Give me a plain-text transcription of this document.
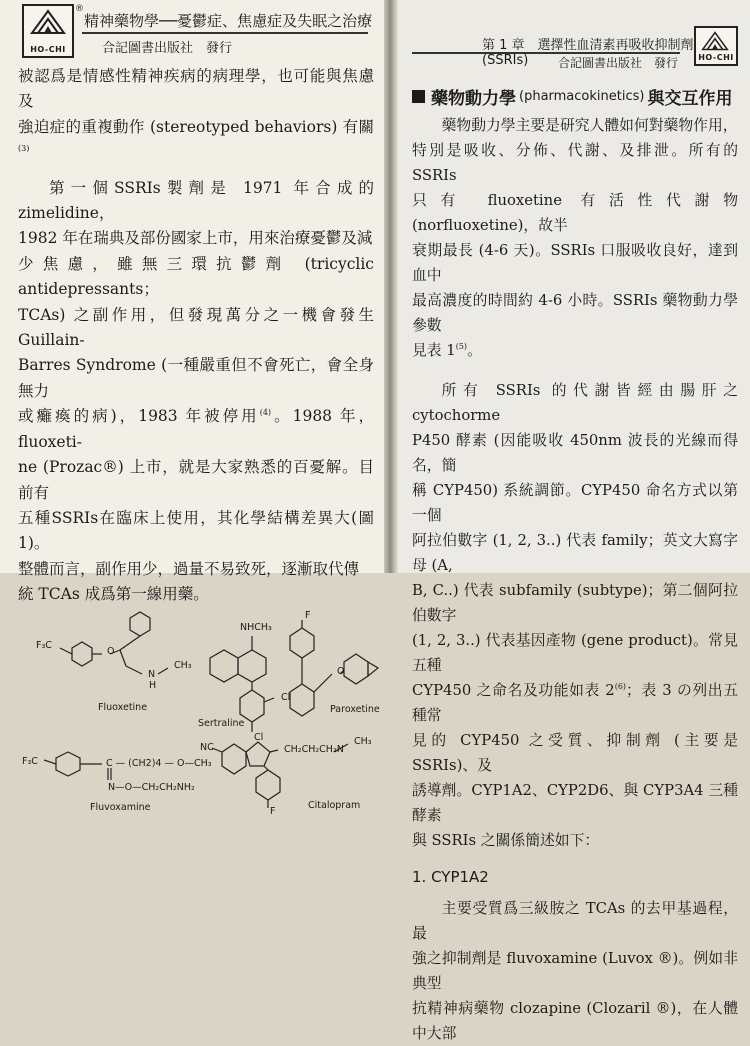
HO-CHI
®
精神藥物學──憂鬱症、焦慮症及失眠之治療
合記圖書出版社　發行

被認爲是情感性精神疾病的病理學，也可能與焦慮及
強迫症的重複動作 (stereotyped behaviors) 有關$^{(3)}$

第一個SSRIs製劑是 1971 年合成的 zimelidine，
1982 年在瑞典及部份國家上市，用來治療憂鬱及減
少焦慮，雖無三環抗鬱劑 (tricyclic antidepressants；
TCAs) 之副作用，但發現萬分之一機會發生 Guillain-
Barres Syndrome (一種嚴重但不會死亡，會全身無力
或癱瘓的病)，1983 年被停用$^{(4)}$。1988 年，fluoxeti-
ne (Prozac®) 上市，就是大家熟悉的百憂解。目前有
五種SSRIs在臨床上使用，其化學結構差異大(圖 1)。
整體而言，副作用少，過量不易致死，逐漸取代傳
統 TCAs 成爲第一線用藥。

F₃C
O
N
H
CH₃
Fluoxetine
NHCH₃
Cl
Cl
Sertraline
F
O
Paroxetine
F₃C	C — (CH2)4 — O—CH₃
N—O—CH₂CH₂NH₂
Fluvoxamine
NC	CH₂CH₂CH₂N
CH₃
F
Citalopram
第 1 章　選擇性血清素再吸收抑制劑 (SSRIs)	合記圖書出版社　發行	HO-CHI
藥物動力學 (pharmacokinetics) 與交互作用

藥物動力學主要是研究人體如何對藥物作用，
特別是吸收、分佈、代謝、及排泄。所有的 SSRIs
只有 fluoxetine 有活性代謝物 (norfluoxetine)，故半
衰期最長 (4-6 天)。SSRIs 口服吸收良好，達到血中
最高濃度的時間約 4-6 小時。SSRIs 藥物動力學參數
見表 1$^{(5)}$。

所有 SSRIs 的代謝皆經由腸肝之 cytochorme
P450 酵素 (因能吸收 450nm 波長的光線而得名，簡
稱 CYP450) 系統調節。CYP450 命名方式以第一個
阿拉伯數字 (1, 2, 3..) 代表 family；英文大寫字母 (A,
B, C..) 代表 subfamily (subtype)；第二個阿拉伯數字
(1, 2, 3..) 代表基因產物 (gene product)。常見五種
CYP450 之命名及功能如表 2$^{(6)}$；表 3 の列出五種常
見的 CYP450 之受質、抑制劑 (主要是 SSRIs)、及
誘導劑。CYP1A2、CYP2D6、與 CYP3A4 三種酵素
與 SSRIs 之關係簡述如下：

1. CYP1A2

主要受質爲三級胺之 TCAs 的去甲基過程，最
強之抑制劑是 fluvoxamine (Luvox ®)。例如非典型
抗精神病藥物 clozapine (Clozaril ®)，在人體中大部
